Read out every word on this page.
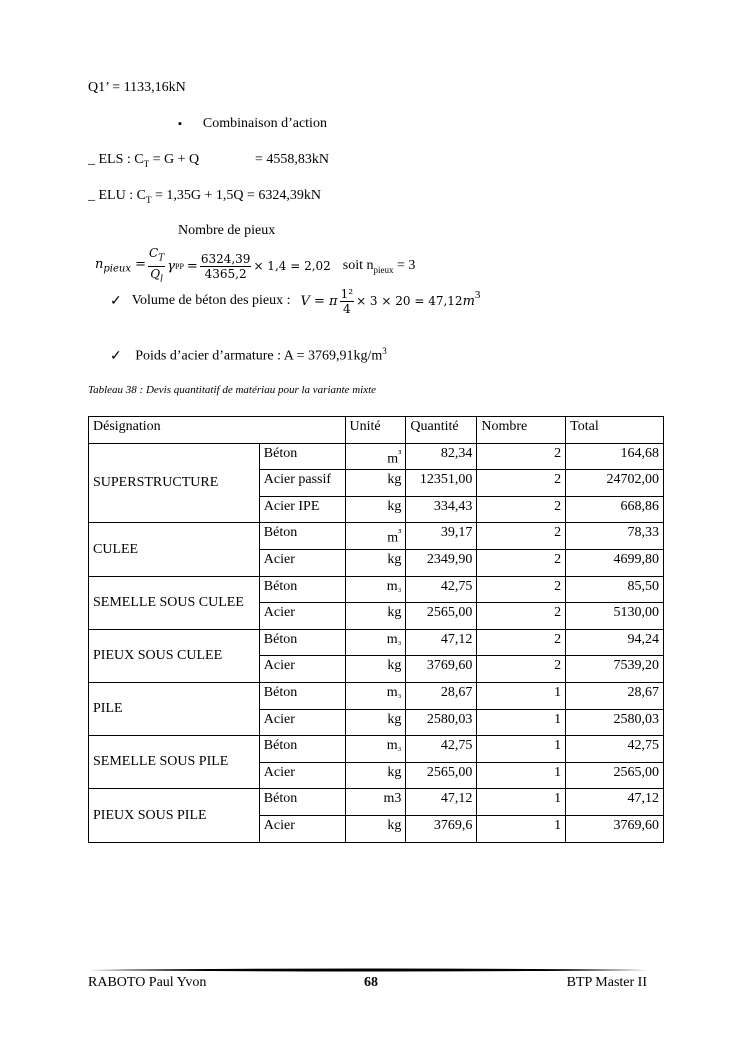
Q1’ = 1133,16kN
▪ Combinaison d’action
_ ELS : $C_T = G + Q$	= 4558,83kN
_ ELU : $C_T = 1,35G + 1,5Q = 6324,39kN$
Nombre de pieux
$n_{pieux} = \frac{C_T}{Q_l}$ γ PP = $\frac{6324,39}{4365,2} \times 1,4 = 2,02$ soit $n_{pieux} = 3$
✓ Volume de béton des pieux : V = π $\frac{\text{1²}}{4} \times 3 \times 20 = 47,12$ $m^3$
✓ Poids d’acier d’armature : $A = 3769,91kg/m^3$
Tableau 38 : Devis quantitatif de matériau pour la variante mixte
Désignation		Unité	Quantité	Nombre	Total
SUPERSTRUCTURE	Béton	$m^{^3}$	82,34	2	164,68
	Acier passif	kg	12351,00	2	24702,00
	Acier IPE	kg	334,43	2	668,86
CULEE	Béton	$m^{^3}$	39,17	2	78,33
	Acier	kg	2349,90	2	4699,80
SEMELLE SOUS CULEE	Béton	m₃	42,75	2	85,50
	Acier	kg	2565,00	2	5130,00
PIEUX SOUS CULEE	Béton	m₃	47,12	2	94,24
	Acier	kg	3769,60	2	7539,20
PILE	Béton	m₃	28,67	1	28,67
	Acier	kg	2580,03	1	2580,03
SEMELLE SOUS PILE	Béton	m₃	42,75	1	42,75
	Acier	kg	2565,00	1	2565,00
PIEUX SOUS PILE	Béton	m3	47,12	1	47,12
	Acier	kg	3769,6	1	3769,60
RABOTO Paul Yvon	68	BTP Master II
